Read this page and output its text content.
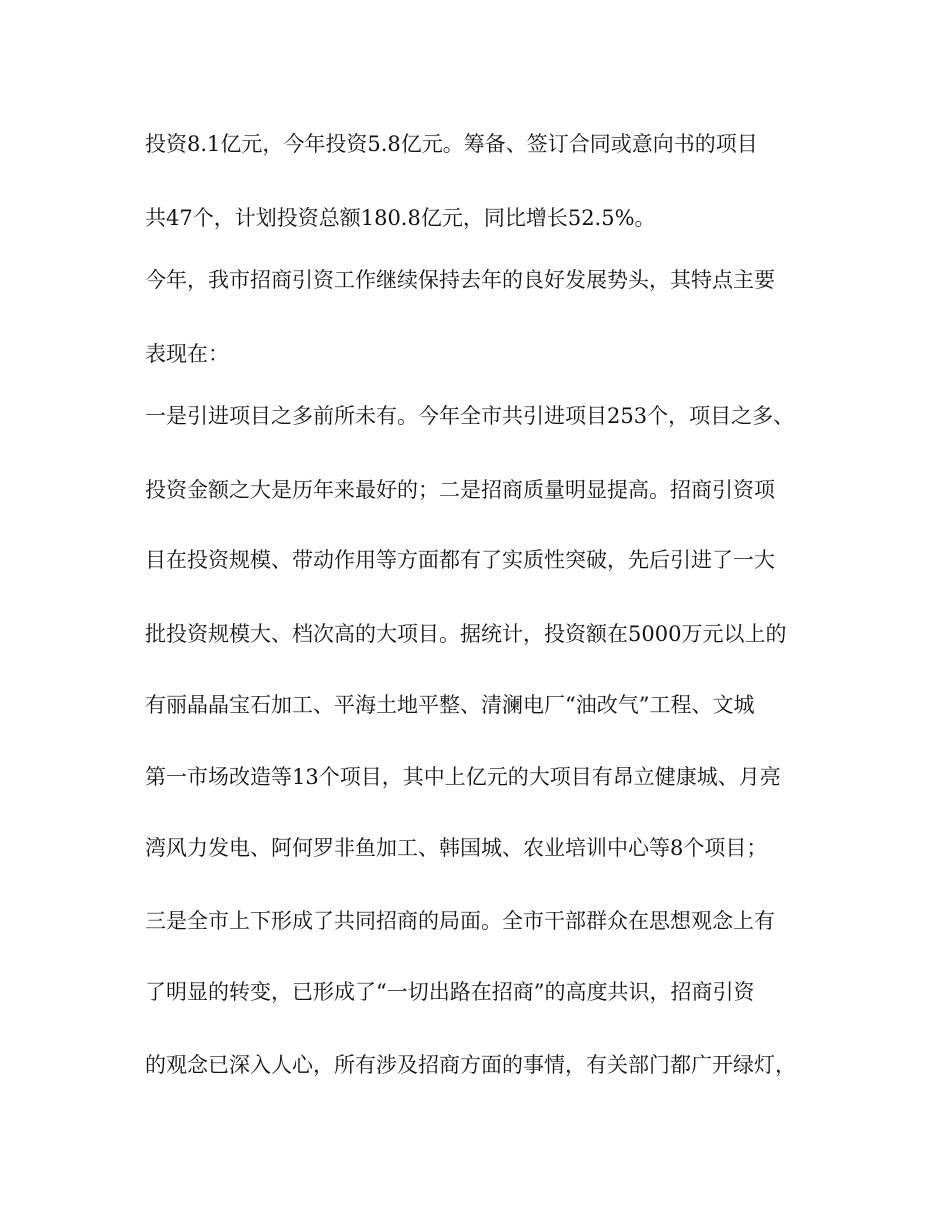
投资8.1亿元，今年投资5.8亿元。筹备、签订合同或意向书的项目
共47个，计划投资总额180.8亿元，同比增长52.5%。
今年，我市招商引资工作继续保持去年的良好发展势头，其特点主要
表现在：
一是引进项目之多前所未有。今年全市共引进项目253个，项目之多、
投资金额之大是历年来最好的；二是招商质量明显提高。招商引资项
目在投资规模、带动作用等方面都有了实质性突破，先后引进了一大
批投资规模大、档次高的大项目。据统计，投资额在5000万元以上的
有丽晶晶宝石加工、平海土地平整、清澜电厂“油改气”工程、文城
第一市场改造等13个项目，其中上亿元的大项目有昂立健康城、月亮
湾风力发电、阿何罗非鱼加工、韩国城、农业培训中心等8个项目；
三是全市上下形成了共同招商的局面。全市干部群众在思想观念上有
了明显的转变，已形成了“一切出路在招商”的高度共识，招商引资
的观念已深入人心，所有涉及招商方面的事情，有关部门都广开绿灯，
